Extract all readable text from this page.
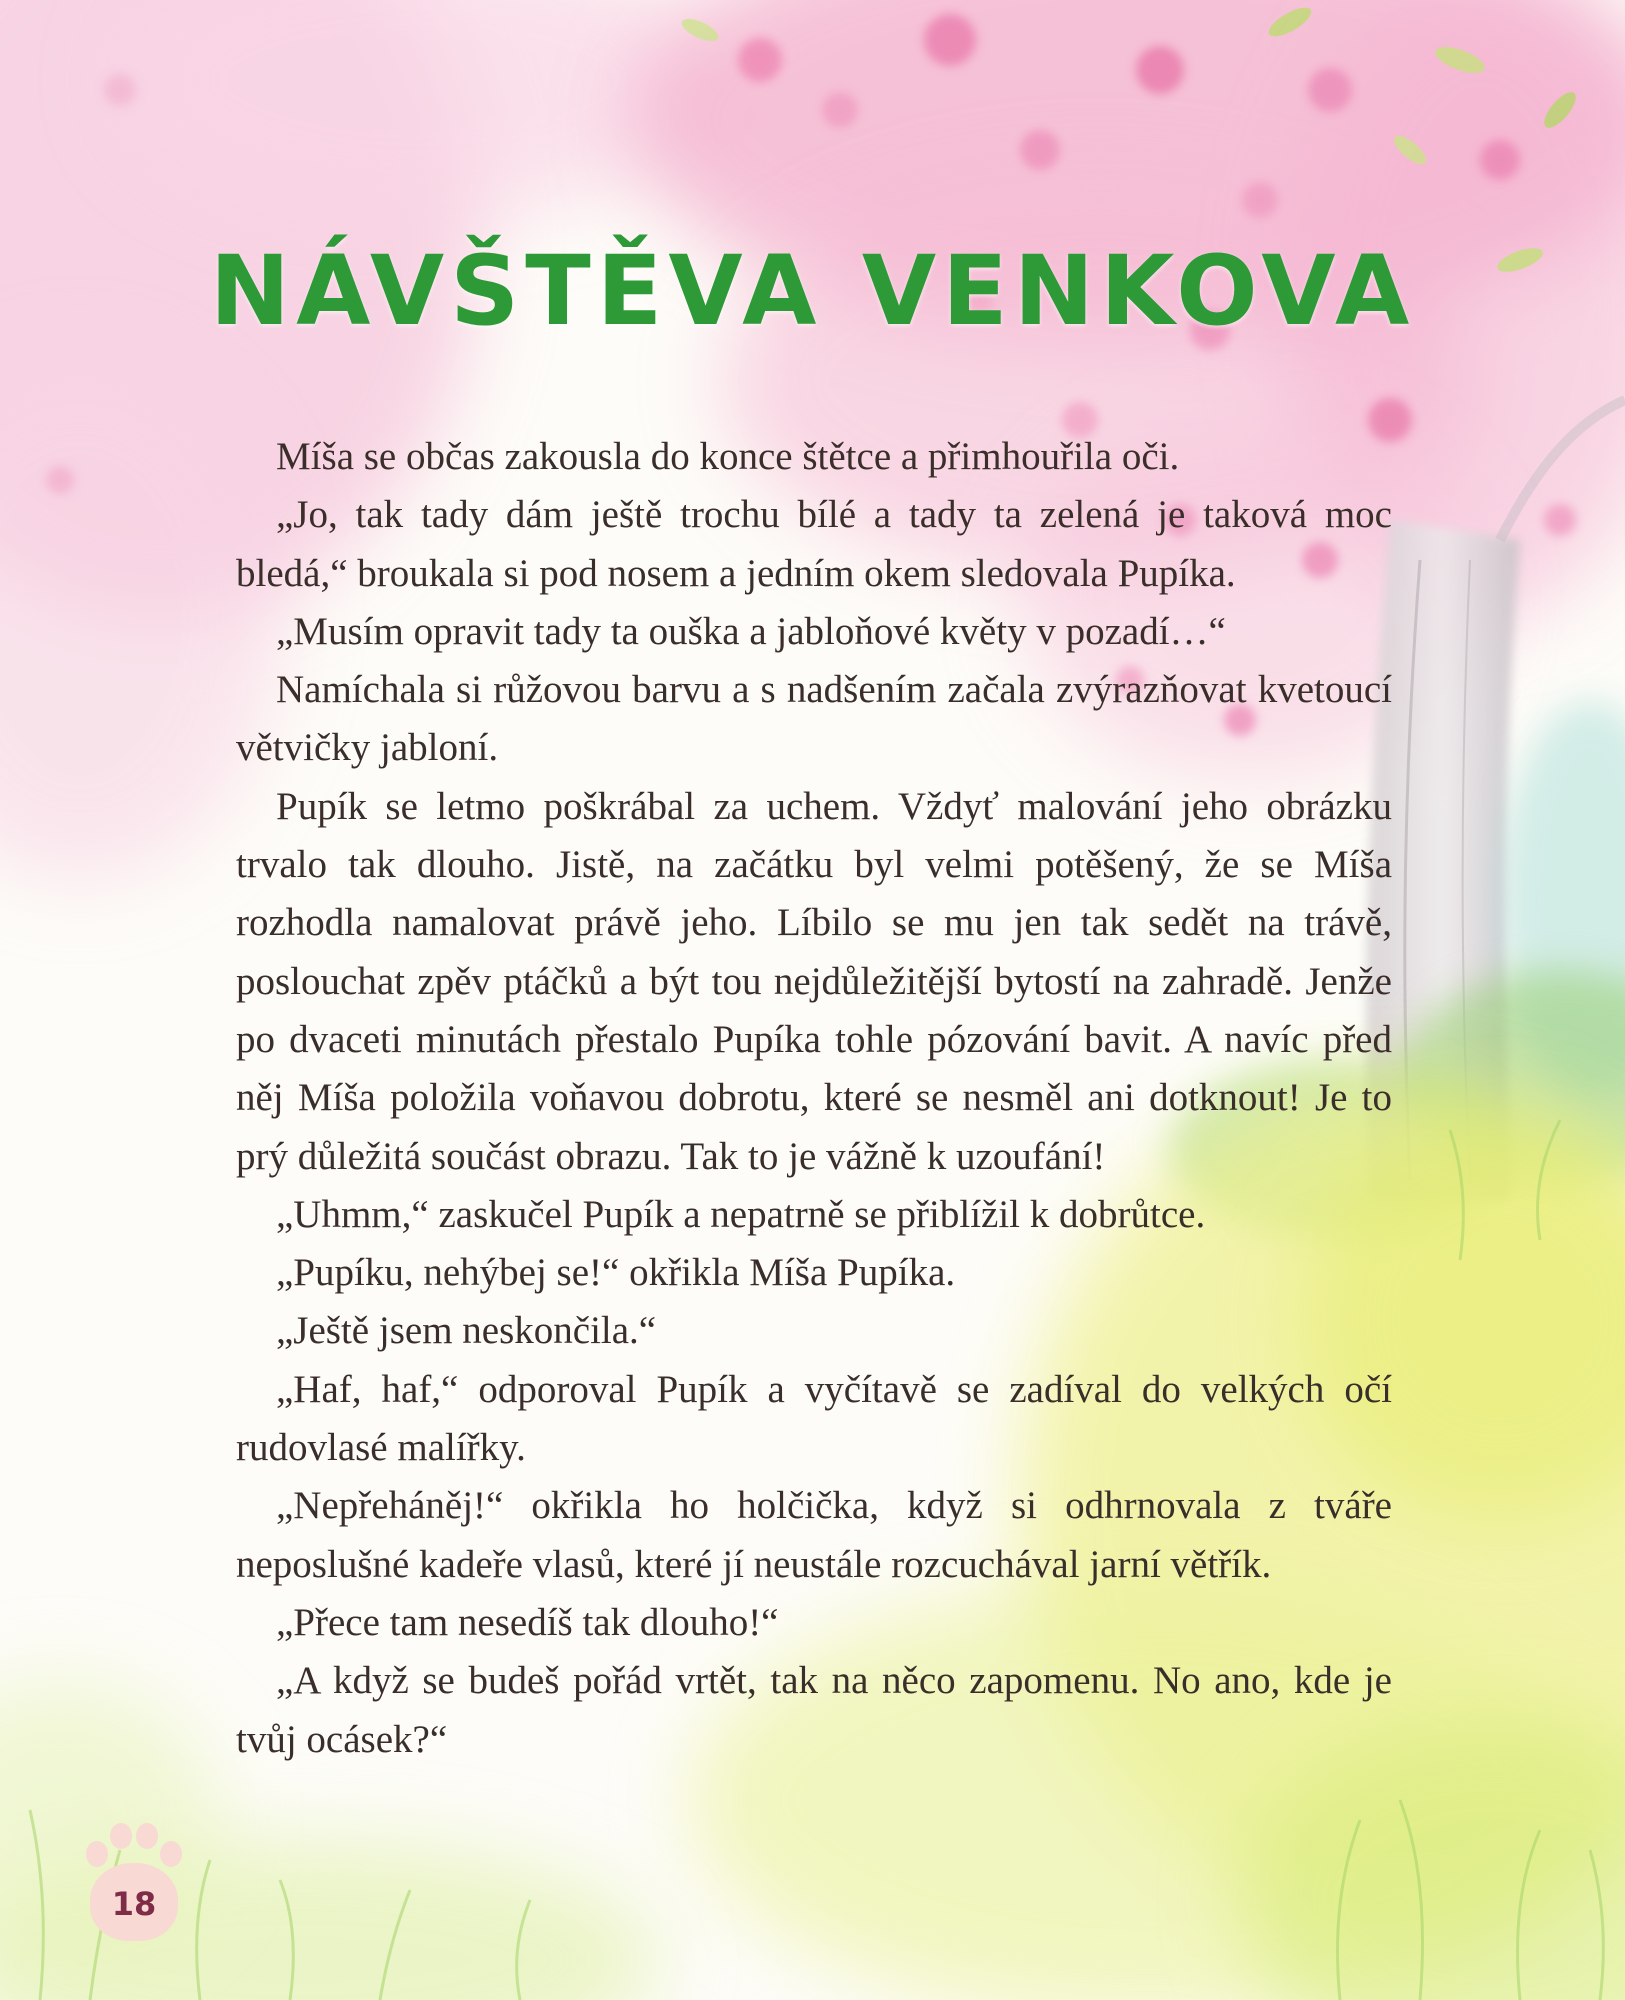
NÁVŠTĚVA VENKOVA

Míša se občas zakousla do konce štětce a přimhouřila oči.

„Jo, tak tady dám ještě trochu bílé a tady ta zelená je taková moc bledá,“ broukala si pod nosem a jedním okem sledovala Pupíka.

„Musím opravit tady ta ouška a jabloňové květy v pozadí…“

Namíchala si růžovou barvu a s nadšením začala zvýrazňovat kvetoucí větvičky jabloní.

Pupík se letmo poškrábal za uchem. Vždyť malování jeho obrázku trvalo tak dlouho. Jistě, na začátku byl velmi potěšený, že se Míša rozhodla namalovat právě jeho. Líbilo se mu jen tak sedět na trávě, poslouchat zpěv ptáčků a být tou nejdůležitější bytostí na zahradě. Jenže po dvaceti minutách přestalo Pupíka tohle pózování bavit. A navíc před něj Míša položila voňavou dobrotu, které se nesměl ani dotknout! Je to prý důležitá součást obrazu. Tak to je vážně k uzoufání!

„Uhmm,“ zaskučel Pupík a nepatrně se přiblížil k dobrůtce.

„Pupíku, nehýbej se!“ okřikla Míša Pupíka.

„Ještě jsem neskončila.“

„Haf, haf,“ odporoval Pupík a vyčítavě se zadíval do velkých očí rudovlasé malířky.

„Nepřeháněj!“ okřikla ho holčička, když si odhrnovala z tváře neposlušné kadeře vlasů, které jí neustále rozcuchával jarní větřík.

„Přece tam nesedíš tak dlouho!“

„A když se budeš pořád vrtět, tak na něco zapomenu. No ano, kde je tvůj ocásek?“

18
